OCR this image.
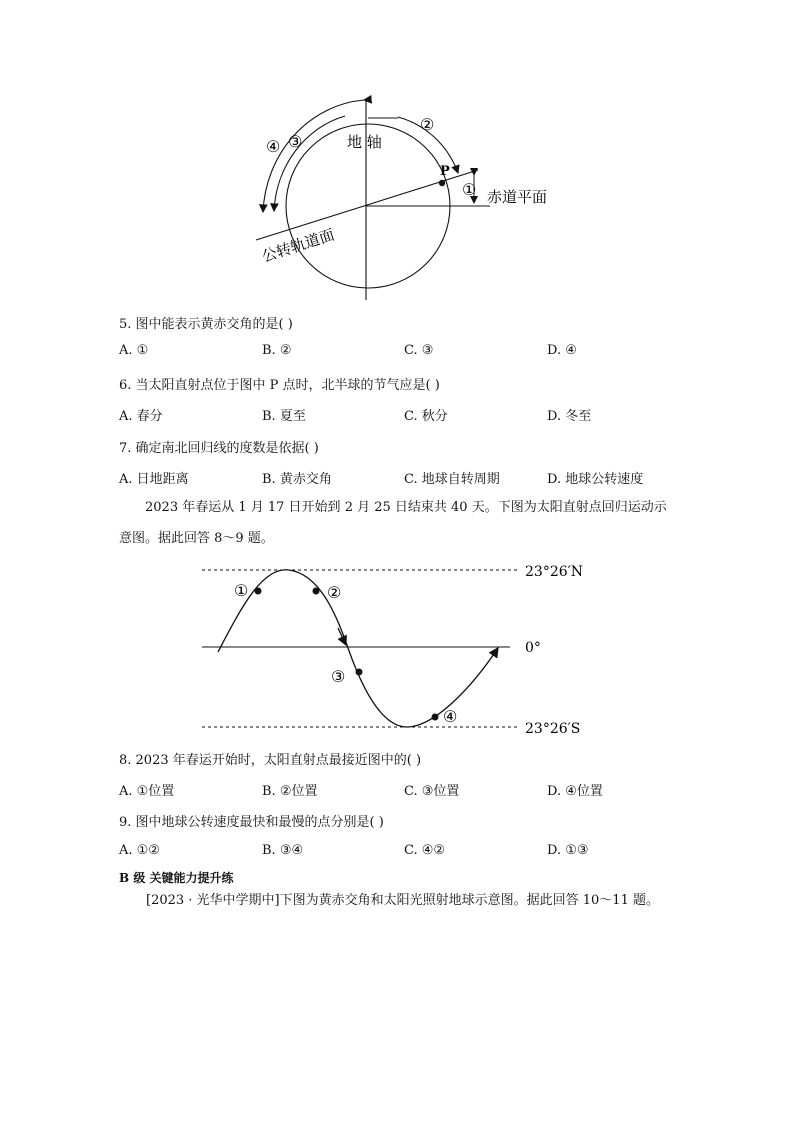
P
地 轴
赤道平面
公转轨道面
①
②
③
④
5. 图中能表示黄赤交角的是( )
A. ①	B. ②	C. ③	D. ④
6. 当太阳直射点位于图中 P 点时，北半球的节气应是( )
A. 春分	B. 夏至	C. 秋分	D. 冬至
7. 确定南北回归线的度数是依据( )
A. 日地距离	B. 黄赤交角	C. 地球自转周期	D. 地球公转速度
2023 年春运从 1 月 17 日开始到 2 月 25 日结束共 40 天。下图为太阳直射点回归运动示意图。据此回答 8～9 题。
①	②
③
④
23°26′N
0°
23°26′S
8. 2023 年春运开始时，太阳直射点最接近图中的( )
A. ①位置	B. ②位置	C. ③位置	D. ④位置
9. 图中地球公转速度最快和最慢的点分别是( )
A. ①②	B. ③④	C. ④②	D. ①③
B 级 关键能力提升练
[2023 · 光华中学期中]下图为黄赤交角和太阳光照射地球示意图。据此回答 10～11 题。
